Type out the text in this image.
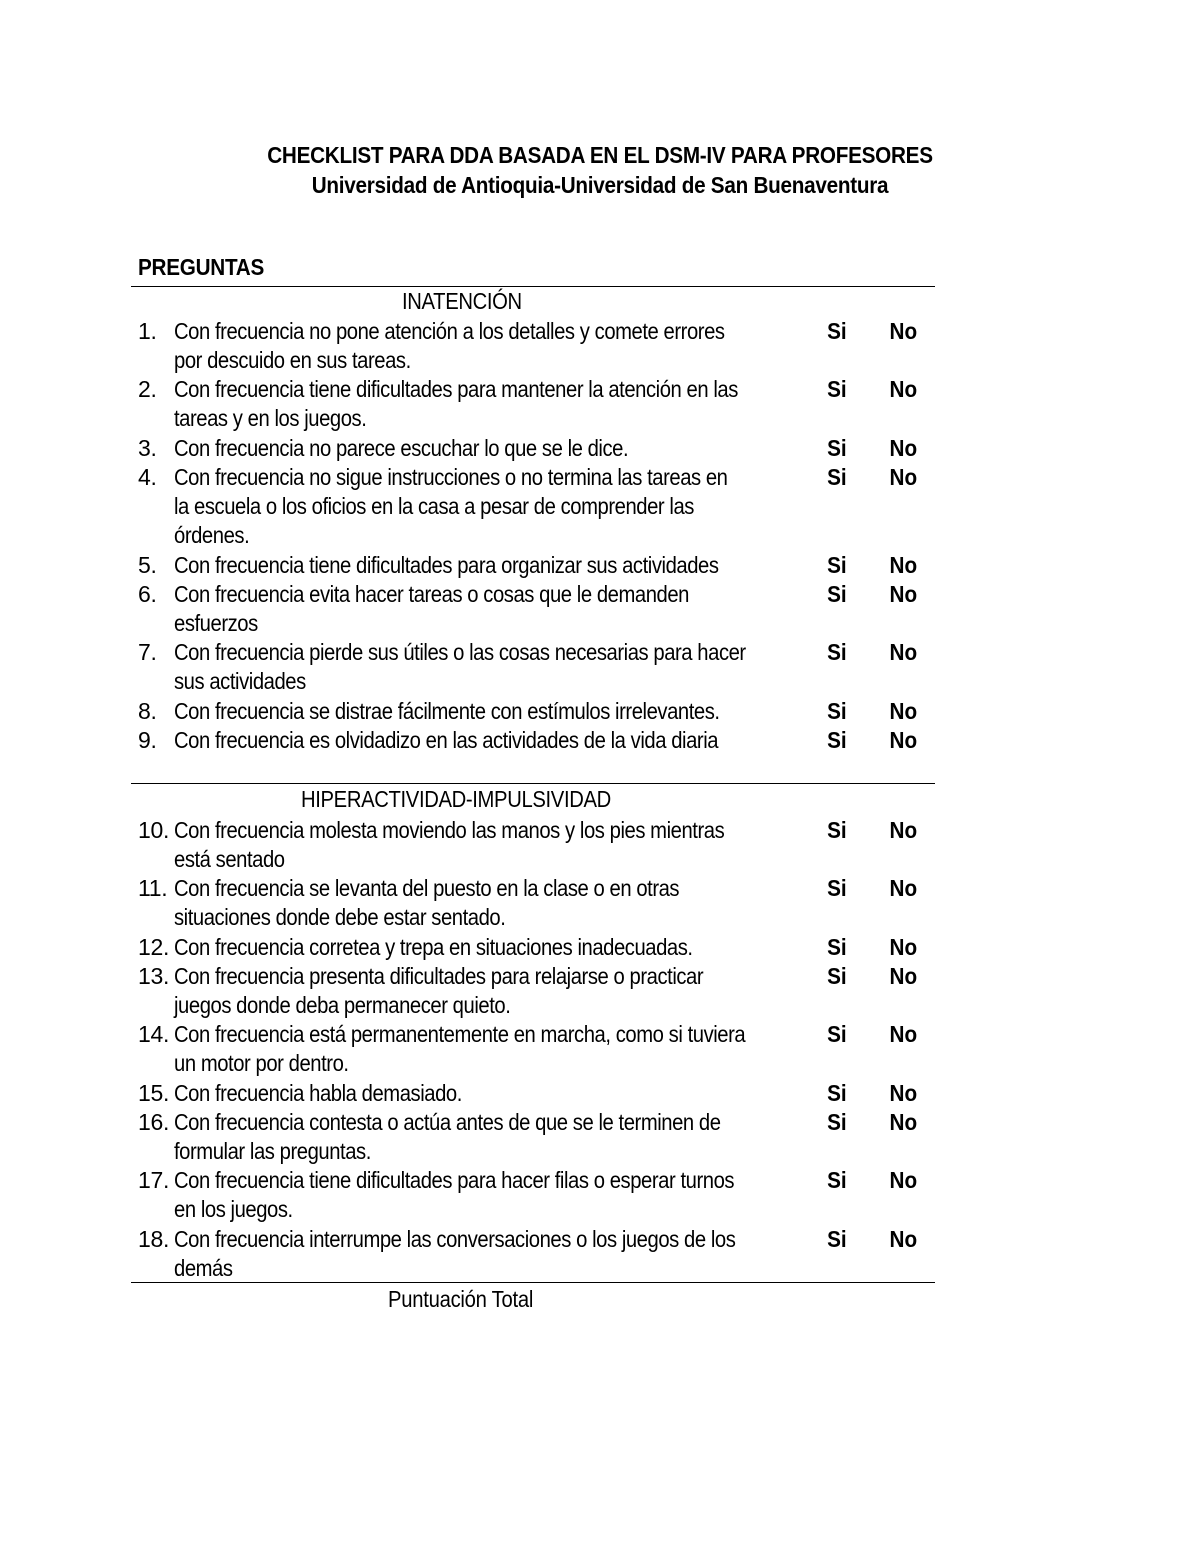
CHECKLIST PARA DDA BASADA EN EL DSM-IV PARA PROFESORES
Universidad de Antioquia-Universidad de San Buenaventura
PREGUNTAS
INATENCIÓN
1. Con frecuencia no pone atención a los detalles y comete errores
por descuido en sus tareas.
Si No
2. Con frecuencia tiene dificultades para mantener la atención en las
tareas y en los juegos.
Si No
3. Con frecuencia no parece escuchar lo que se le dice.	Si No
4. Con frecuencia no sigue instrucciones o no termina las tareas en
la escuela o los oficios en la casa a pesar de comprender las
órdenes.
Si No
5. Con frecuencia tiene dificultades para organizar sus actividades	Si No
6. Con frecuencia evita hacer tareas o cosas que le demanden
esfuerzos
Si No
7. Con frecuencia pierde sus útiles o las cosas necesarias para hacer
sus actividades
Si No
8. Con frecuencia se distrae fácilmente con estímulos irrelevantes.	Si No
9. Con frecuencia es olvidadizo en las actividades de la vida diaria	Si No
HIPERACTIVIDAD-IMPULSIVIDAD
10. Con frecuencia molesta moviendo las manos y los pies mientras
está sentado
Si No
11. Con frecuencia se levanta del puesto en la clase o en otras
situaciones donde debe estar sentado.
Si No
12. Con frecuencia corretea y trepa en situaciones inadecuadas.	Si No
13. Con frecuencia presenta dificultades para relajarse o practicar
juegos donde deba permanecer quieto.
Si No
14. Con frecuencia está permanentemente en marcha, como si tuviera
un motor por dentro.
Si No
15. Con frecuencia habla demasiado.	Si No
16. Con frecuencia contesta o actúa antes de que se le terminen de
formular las preguntas.
Si No
17. Con frecuencia tiene dificultades para hacer filas o esperar turnos
en los juegos.
Si No
18. Con frecuencia interrumpe las conversaciones o los juegos de los
demás
Si No
Puntuación Total
